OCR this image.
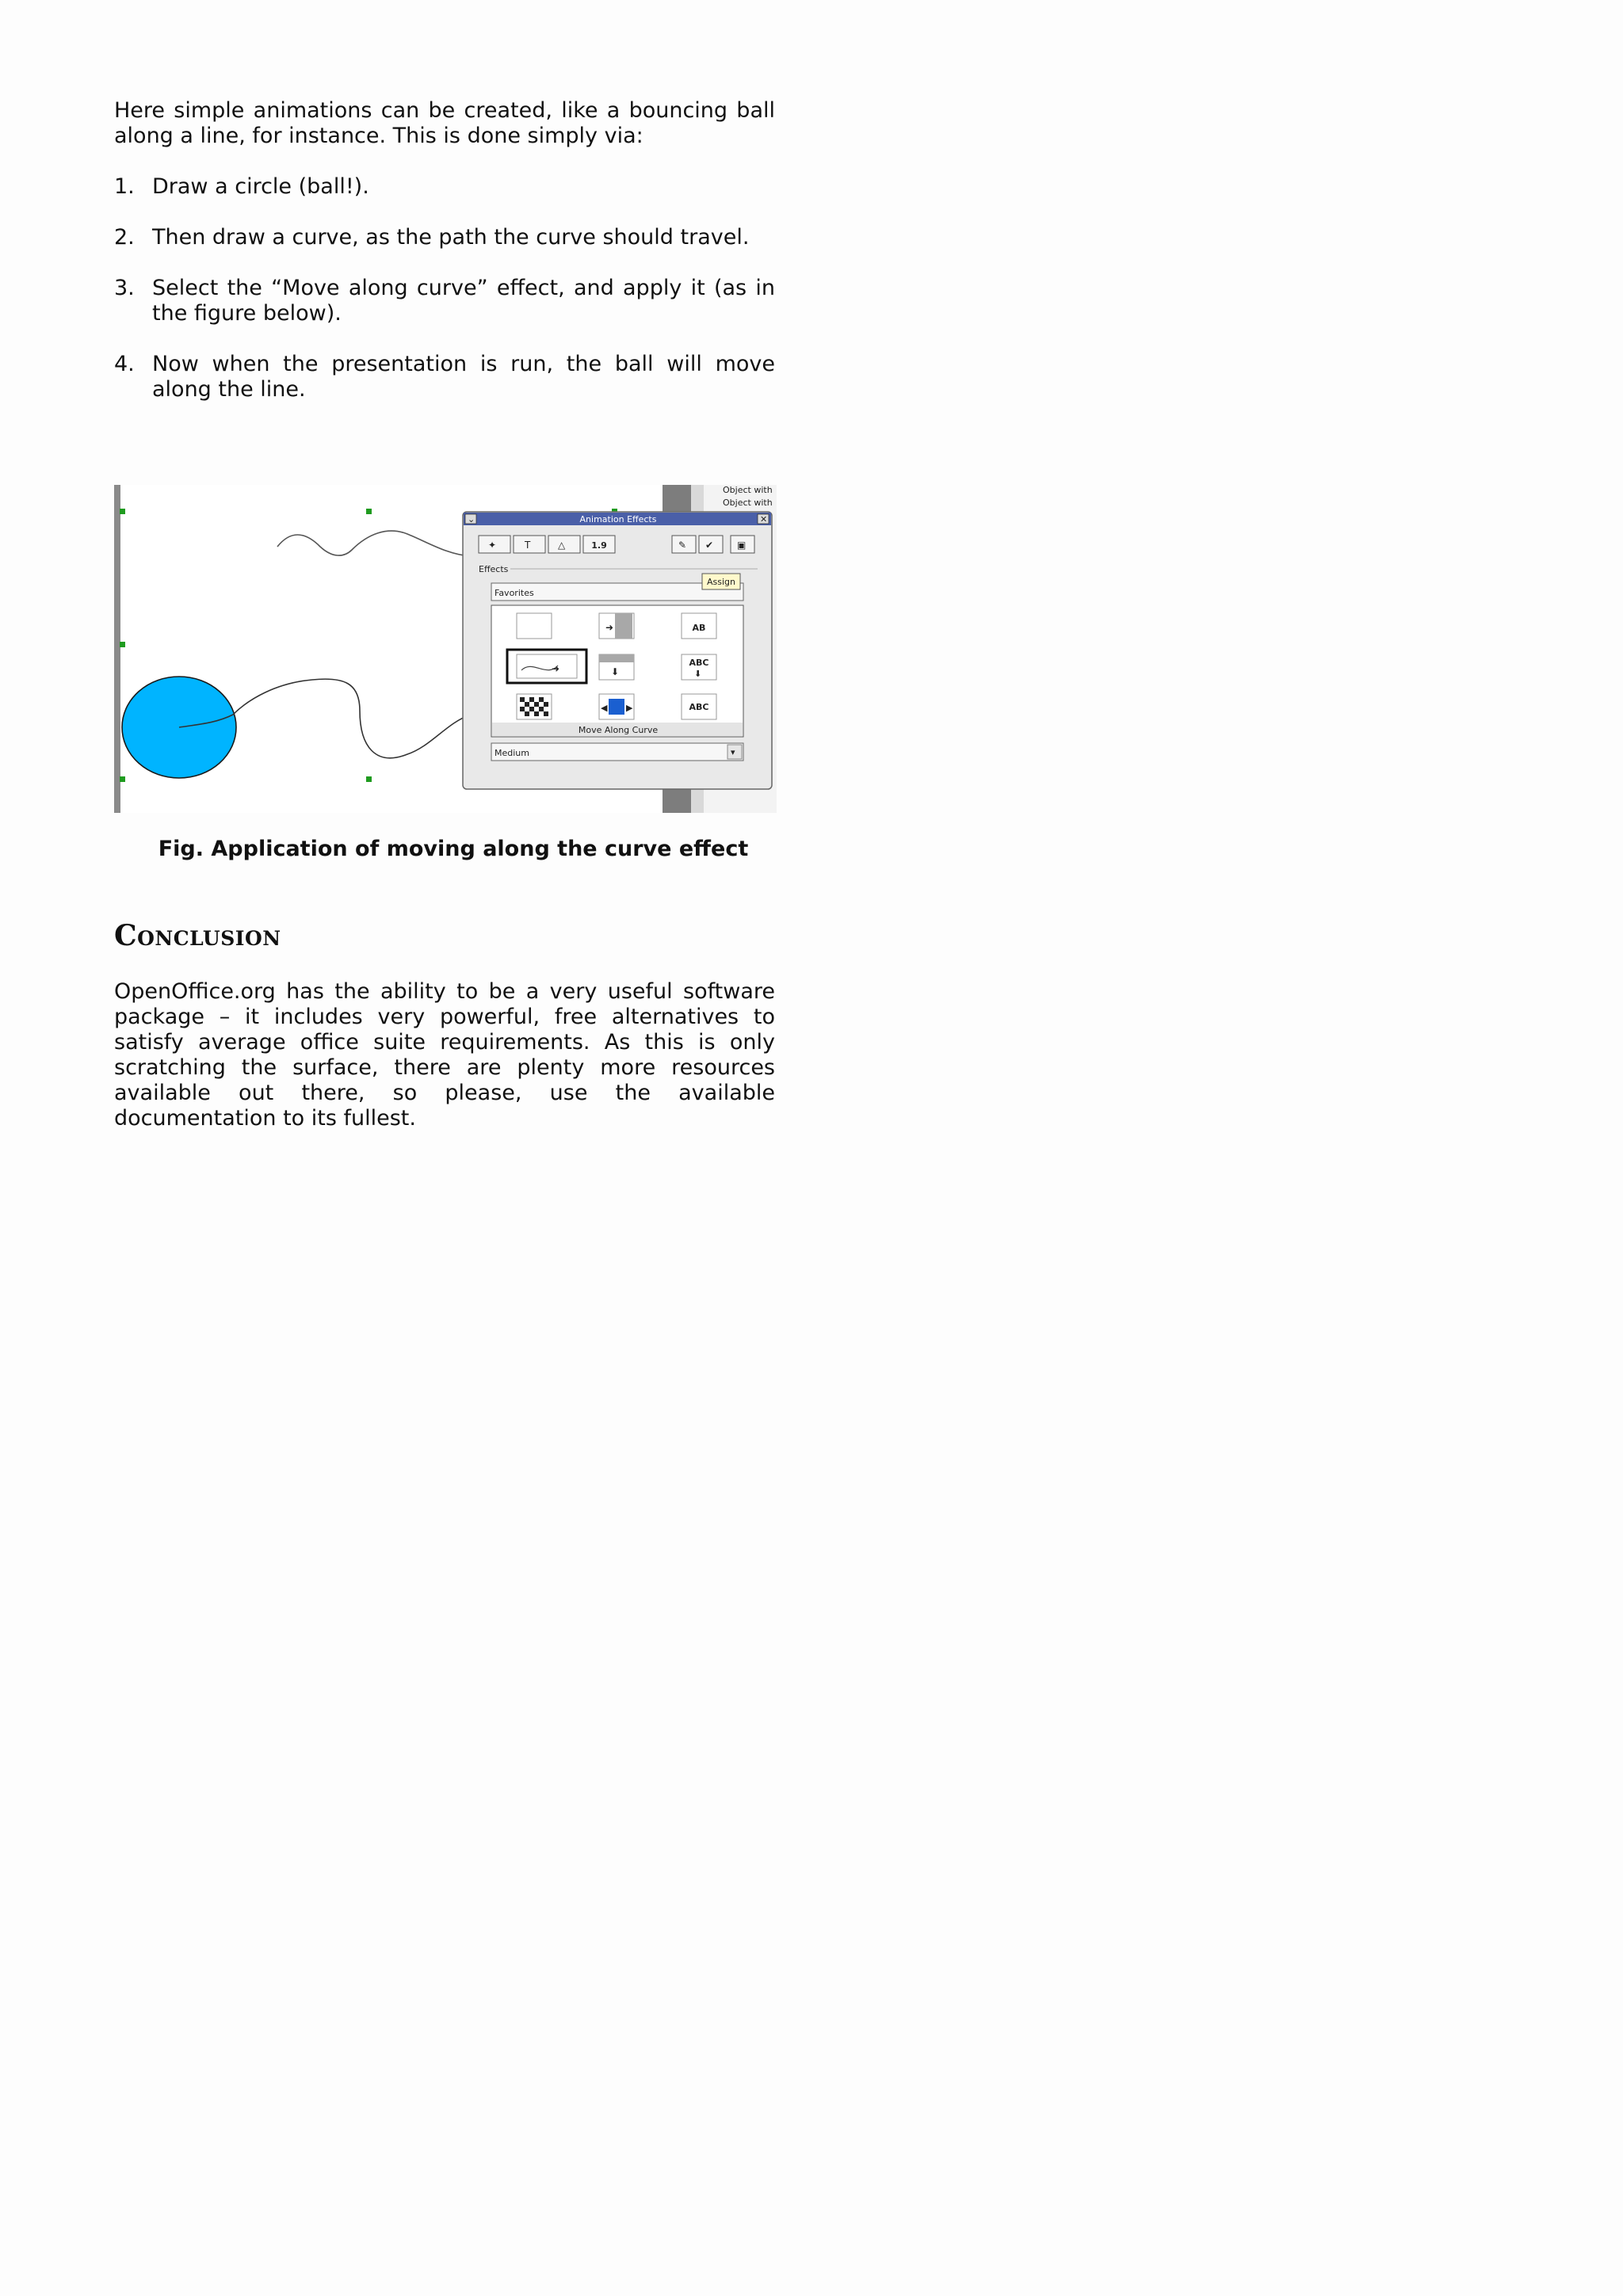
Here simple animations can be created, like a bouncing ball along a line, for instance. This is done simply via:

1. Draw a circle (ball!).
2. Then draw a curve, as the path the curve should travel.
3. Select the “Move along curve” effect, and apply it (as in the figure below).
4. Now when the presentation is run, the ball will move along the line.
Object with
Object with
Animation Effects
⌄	✕
✦	T	△	1.9	✎ ✔ ▣
Effects
Favorites
Assign
➜	AB
➜	⬇
ABC
⬇
◀ ▶	ABC
Move Along Curve
Medium	▾
Fig. Application of moving along the curve effect
Conclusion

OpenOffice.org has the ability to be a very useful software package – it includes very powerful, free alternatives to satisfy average office suite requirements. As this is only scratching the surface, there are plenty more resources available out there, so please, use the available documentation to its fullest.
